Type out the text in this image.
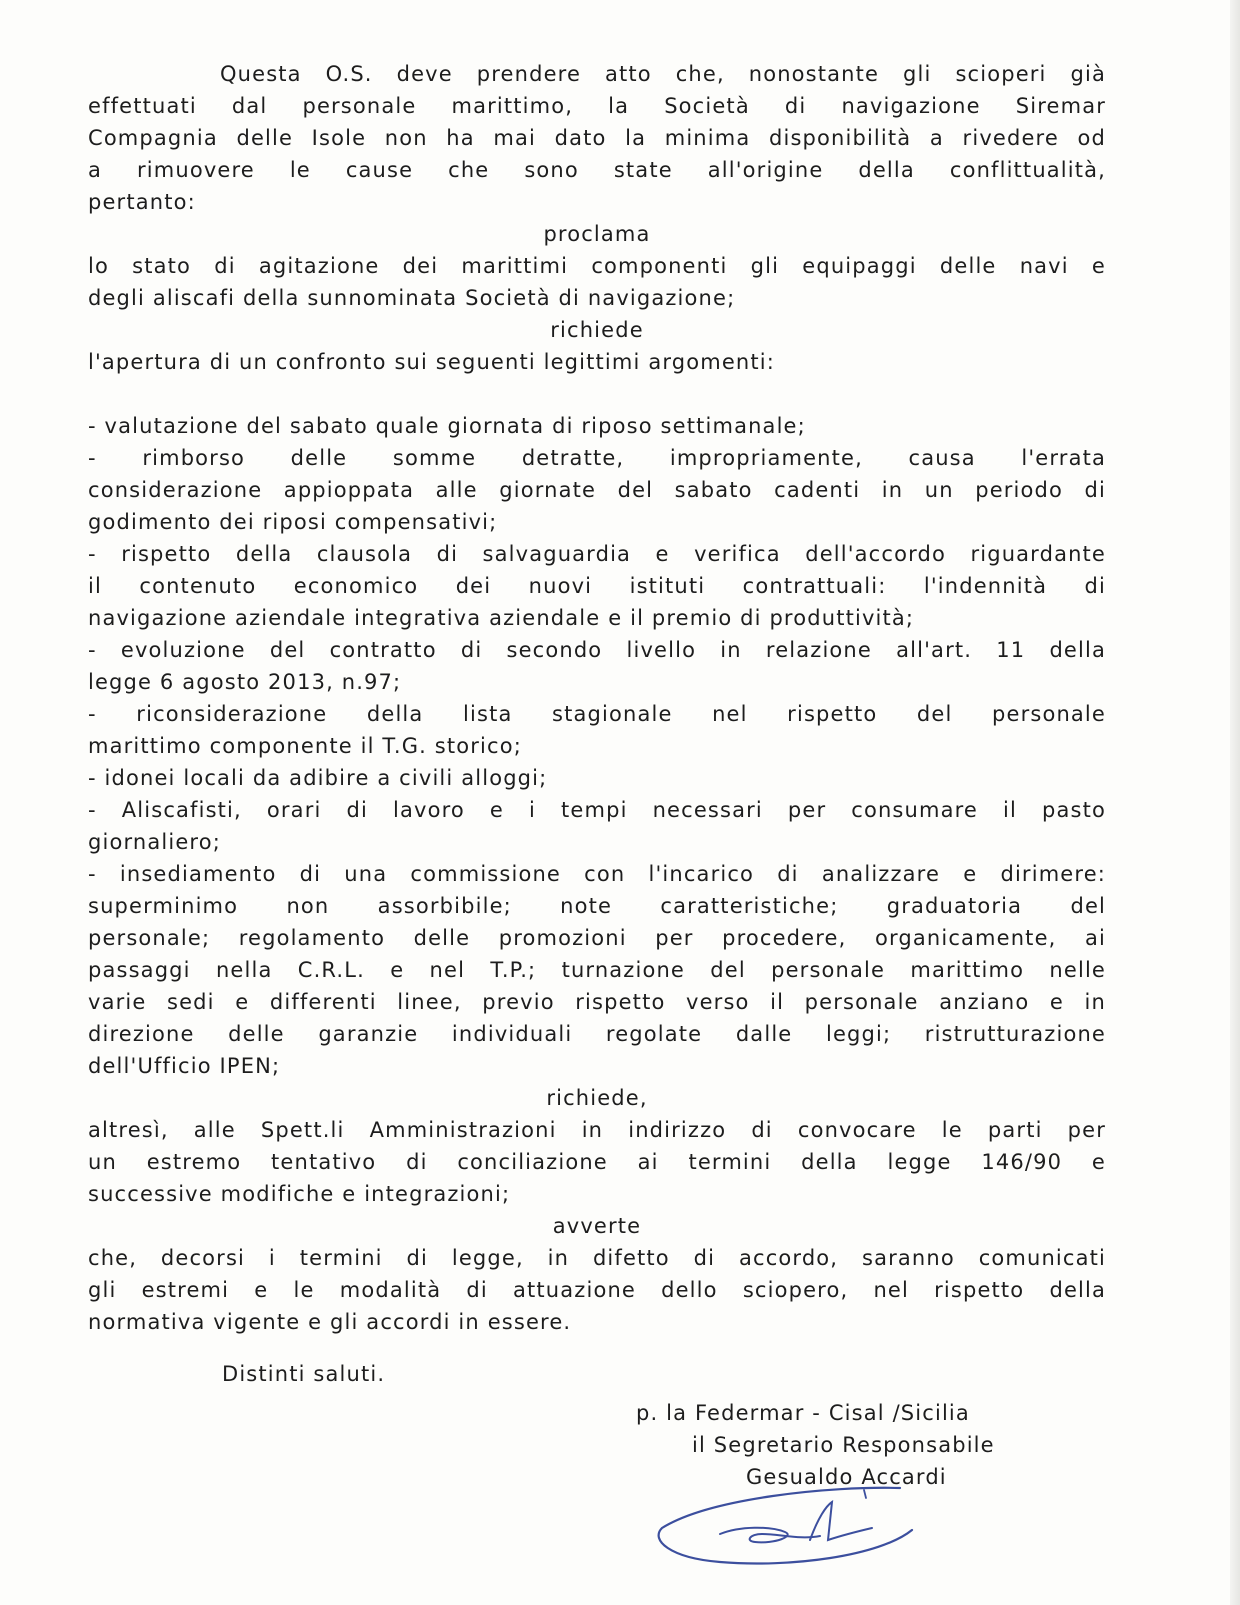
Questa O.S. deve prendere atto che, nonostante gli scioperi già

effettuati dal personale marittimo, la Società di navigazione Siremar

Compagnia delle Isole non ha mai dato la minima disponibilità a rivedere od

a rimuovere le cause che sono state all'origine della conflittualità,

pertanto:

proclama

lo stato di agitazione dei marittimi componenti gli equipaggi delle navi e

degli aliscafi della sunnominata Società di navigazione;

richiede

l'apertura di un confronto sui seguenti legittimi argomenti:

- valutazione del sabato quale giornata di riposo settimanale;

- rimborso delle somme detratte, impropriamente, causa l'errata

considerazione appioppata alle giornate del sabato cadenti in un periodo di

godimento dei riposi compensativi;

- rispetto della clausola di salvaguardia e verifica dell'accordo riguardante

il contenuto economico dei nuovi istituti contrattuali: l'indennità di

navigazione aziendale integrativa aziendale e il premio di produttività;

- evoluzione del contratto di secondo livello in relazione all'art. 11 della

legge 6 agosto 2013, n.97;

- riconsiderazione della lista stagionale nel rispetto del personale

marittimo componente il T.G. storico;

- idonei locali da adibire a civili alloggi;

- Aliscafisti, orari di lavoro e i tempi necessari per consumare il pasto

giornaliero;

- insediamento di una commissione con l'incarico di analizzare e dirimere:

superminimo non assorbibile; note caratteristiche; graduatoria del

personale; regolamento delle promozioni per procedere, organicamente, ai

passaggi nella C.R.L. e nel T.P.; turnazione del personale marittimo nelle

varie sedi e differenti linee, previo rispetto verso il personale anziano e in

direzione delle garanzie individuali regolate dalle leggi; ristrutturazione

dell'Ufficio IPEN;

richiede,

altresì, alle Spett.li Amministrazioni in indirizzo di convocare le parti per

un estremo tentativo di conciliazione ai termini della legge 146/90 e

successive modifiche e integrazioni;

avverte

che, decorsi i termini di legge, in difetto di accordo, saranno comunicati

gli estremi e le modalità di attuazione dello sciopero, nel rispetto della

normativa vigente e gli accordi in essere.

Distinti saluti.
p. la Federmar - Cisal /Sicilia
il Segretario Responsabile
Gesualdo Accardi
